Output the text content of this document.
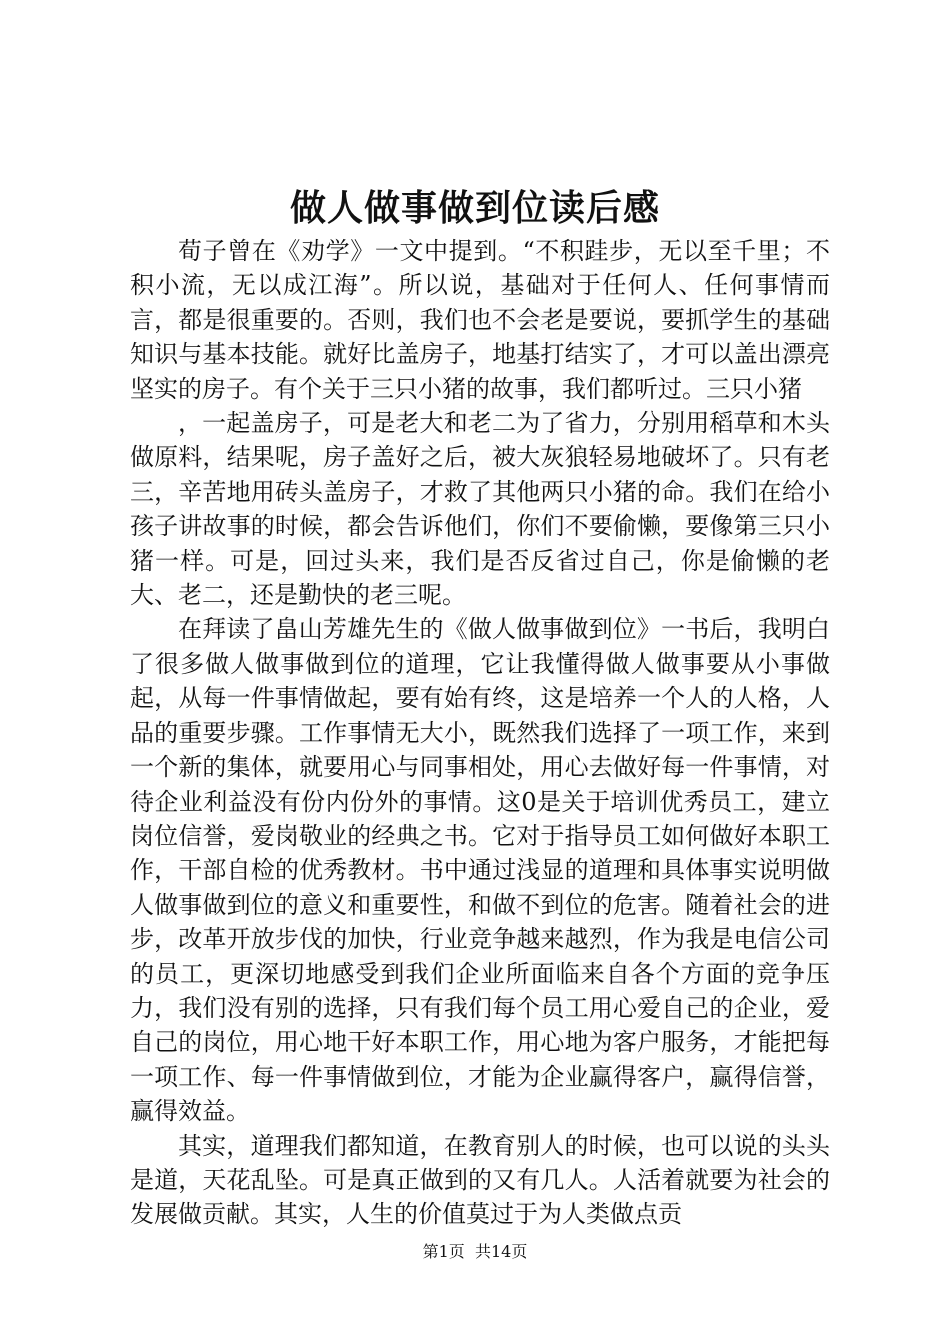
做人做事做到位读后感

荀子曾在《劝学》一文中提到。“不积跬步，无以至千里；不积小流，无以成江海”。所以说，基础对于任何人、任何事情而言，都是很重要的。否则，我们也不会老是要说，要抓学生的基础知识与基本技能。就好比盖房子，地基打结实了，才可以盖出漂亮坚实的房子。有个关于三只小猪的故事，我们都听过。三只小猪

，一起盖房子，可是老大和老二为了省力，分别用稻草和木头做原料，结果呢，房子盖好之后，被大灰狼轻易地破坏了。只有老三，辛苦地用砖头盖房子，才救了其他两只小猪的命。我们在给小孩子讲故事的时候，都会告诉他们，你们不要偷懒，要像第三只小猪一样。可是，回过头来，我们是否反省过自己，你是偷懒的老大、老二，还是勤快的老三呢。

在拜读了畠山芳雄先生的《做人做事做到位》一书后，我明白了很多做人做事做到位的道理，它让我懂得做人做事要从小事做起，从每一件事情做起，要有始有终，这是培养一个人的人格，人品的重要步骤。工作事情无大小，既然我们选择了一项工作，来到一个新的集体，就要用心与同事相处，用心去做好每一件事情，对待企业利益没有份内份外的事情。这0是关于培训优秀员工，建立岗位信誉，爱岗敬业的经典之书。它对于指导员工如何做好本职工作，干部自检的优秀教材。书中通过浅显的道理和具体事实说明做人做事做到位的意义和重要性，和做不到位的危害。随着社会的进步，改革开放步伐的加快，行业竞争越来越烈，作为我是电信公司的员工，更深切地感受到我们企业所面临来自各个方面的竞争压力，我们没有别的选择，只有我们每个员工用心爱自己的企业，爱自己的岗位，用心地干好本职工作，用心地为客户服务，才能把每一项工作、每一件事情做到位，才能为企业赢得客户，赢得信誉，赢得效益。

其实，道理我们都知道，在教育别人的时候，也可以说的头头是道，天花乱坠。可是真正做到的又有几人。人活着就要为社会的发展做贡献。其实，人生的价值莫过于为人类做点贡

第1页 共14页
